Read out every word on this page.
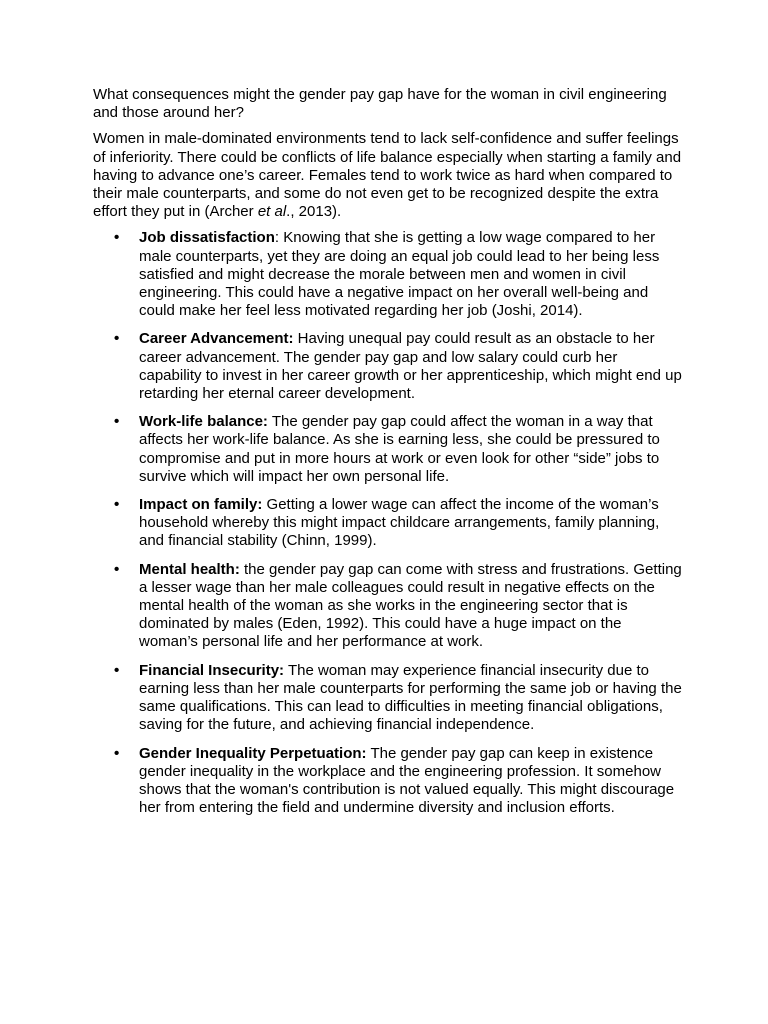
What consequences might the gender pay gap have for the woman in civil engineering and those around her?

Women in male-dominated environments tend to lack self-confidence and suffer feelings of inferiority. There could be conflicts of life balance especially when starting a family and having to advance one’s career. Females tend to work twice as hard when compared to their male counterparts, and some do not even get to be recognized despite the extra effort they put in (Archer et al., 2013).

• Job dissatisfaction: Knowing that she is getting a low wage compared to her male counterparts, yet they are doing an equal job could lead to her being less satisfied and might decrease the morale between men and women in civil engineering. This could have a negative impact on her overall well-being and could make her feel less motivated regarding her job (Joshi, 2014).
• Career Advancement: Having unequal pay could result as an obstacle to her career advancement. The gender pay gap and low salary could curb her capability to invest in her career growth or her apprenticeship, which might end up retarding her eternal career development.
• Work-life balance: The gender pay gap could affect the woman in a way that affects her work-life balance. As she is earning less, she could be pressured to compromise and put in more hours at work or even look for other “side” jobs to survive which will impact her own personal life.
• Impact on family: Getting a lower wage can affect the income of the woman’s household whereby this might impact childcare arrangements, family planning, and financial stability (Chinn, 1999).
• Mental health: the gender pay gap can come with stress and frustrations. Getting a lesser wage than her male colleagues could result in negative effects on the mental health of the woman as she works in the engineering sector that is dominated by males (Eden, 1992). This could have a huge impact on the woman’s personal life and her performance at work.
• Financial Insecurity: The woman may experience financial insecurity due to earning less than her male counterparts for performing the same job or having the same qualifications. This can lead to difficulties in meeting financial obligations, saving for the future, and achieving financial independence.
• Gender Inequality Perpetuation: The gender pay gap can keep in existence gender inequality in the workplace and the engineering profession. It somehow shows that the woman's contribution is not valued equally. This might discourage her from entering the field and undermine diversity and inclusion efforts.
